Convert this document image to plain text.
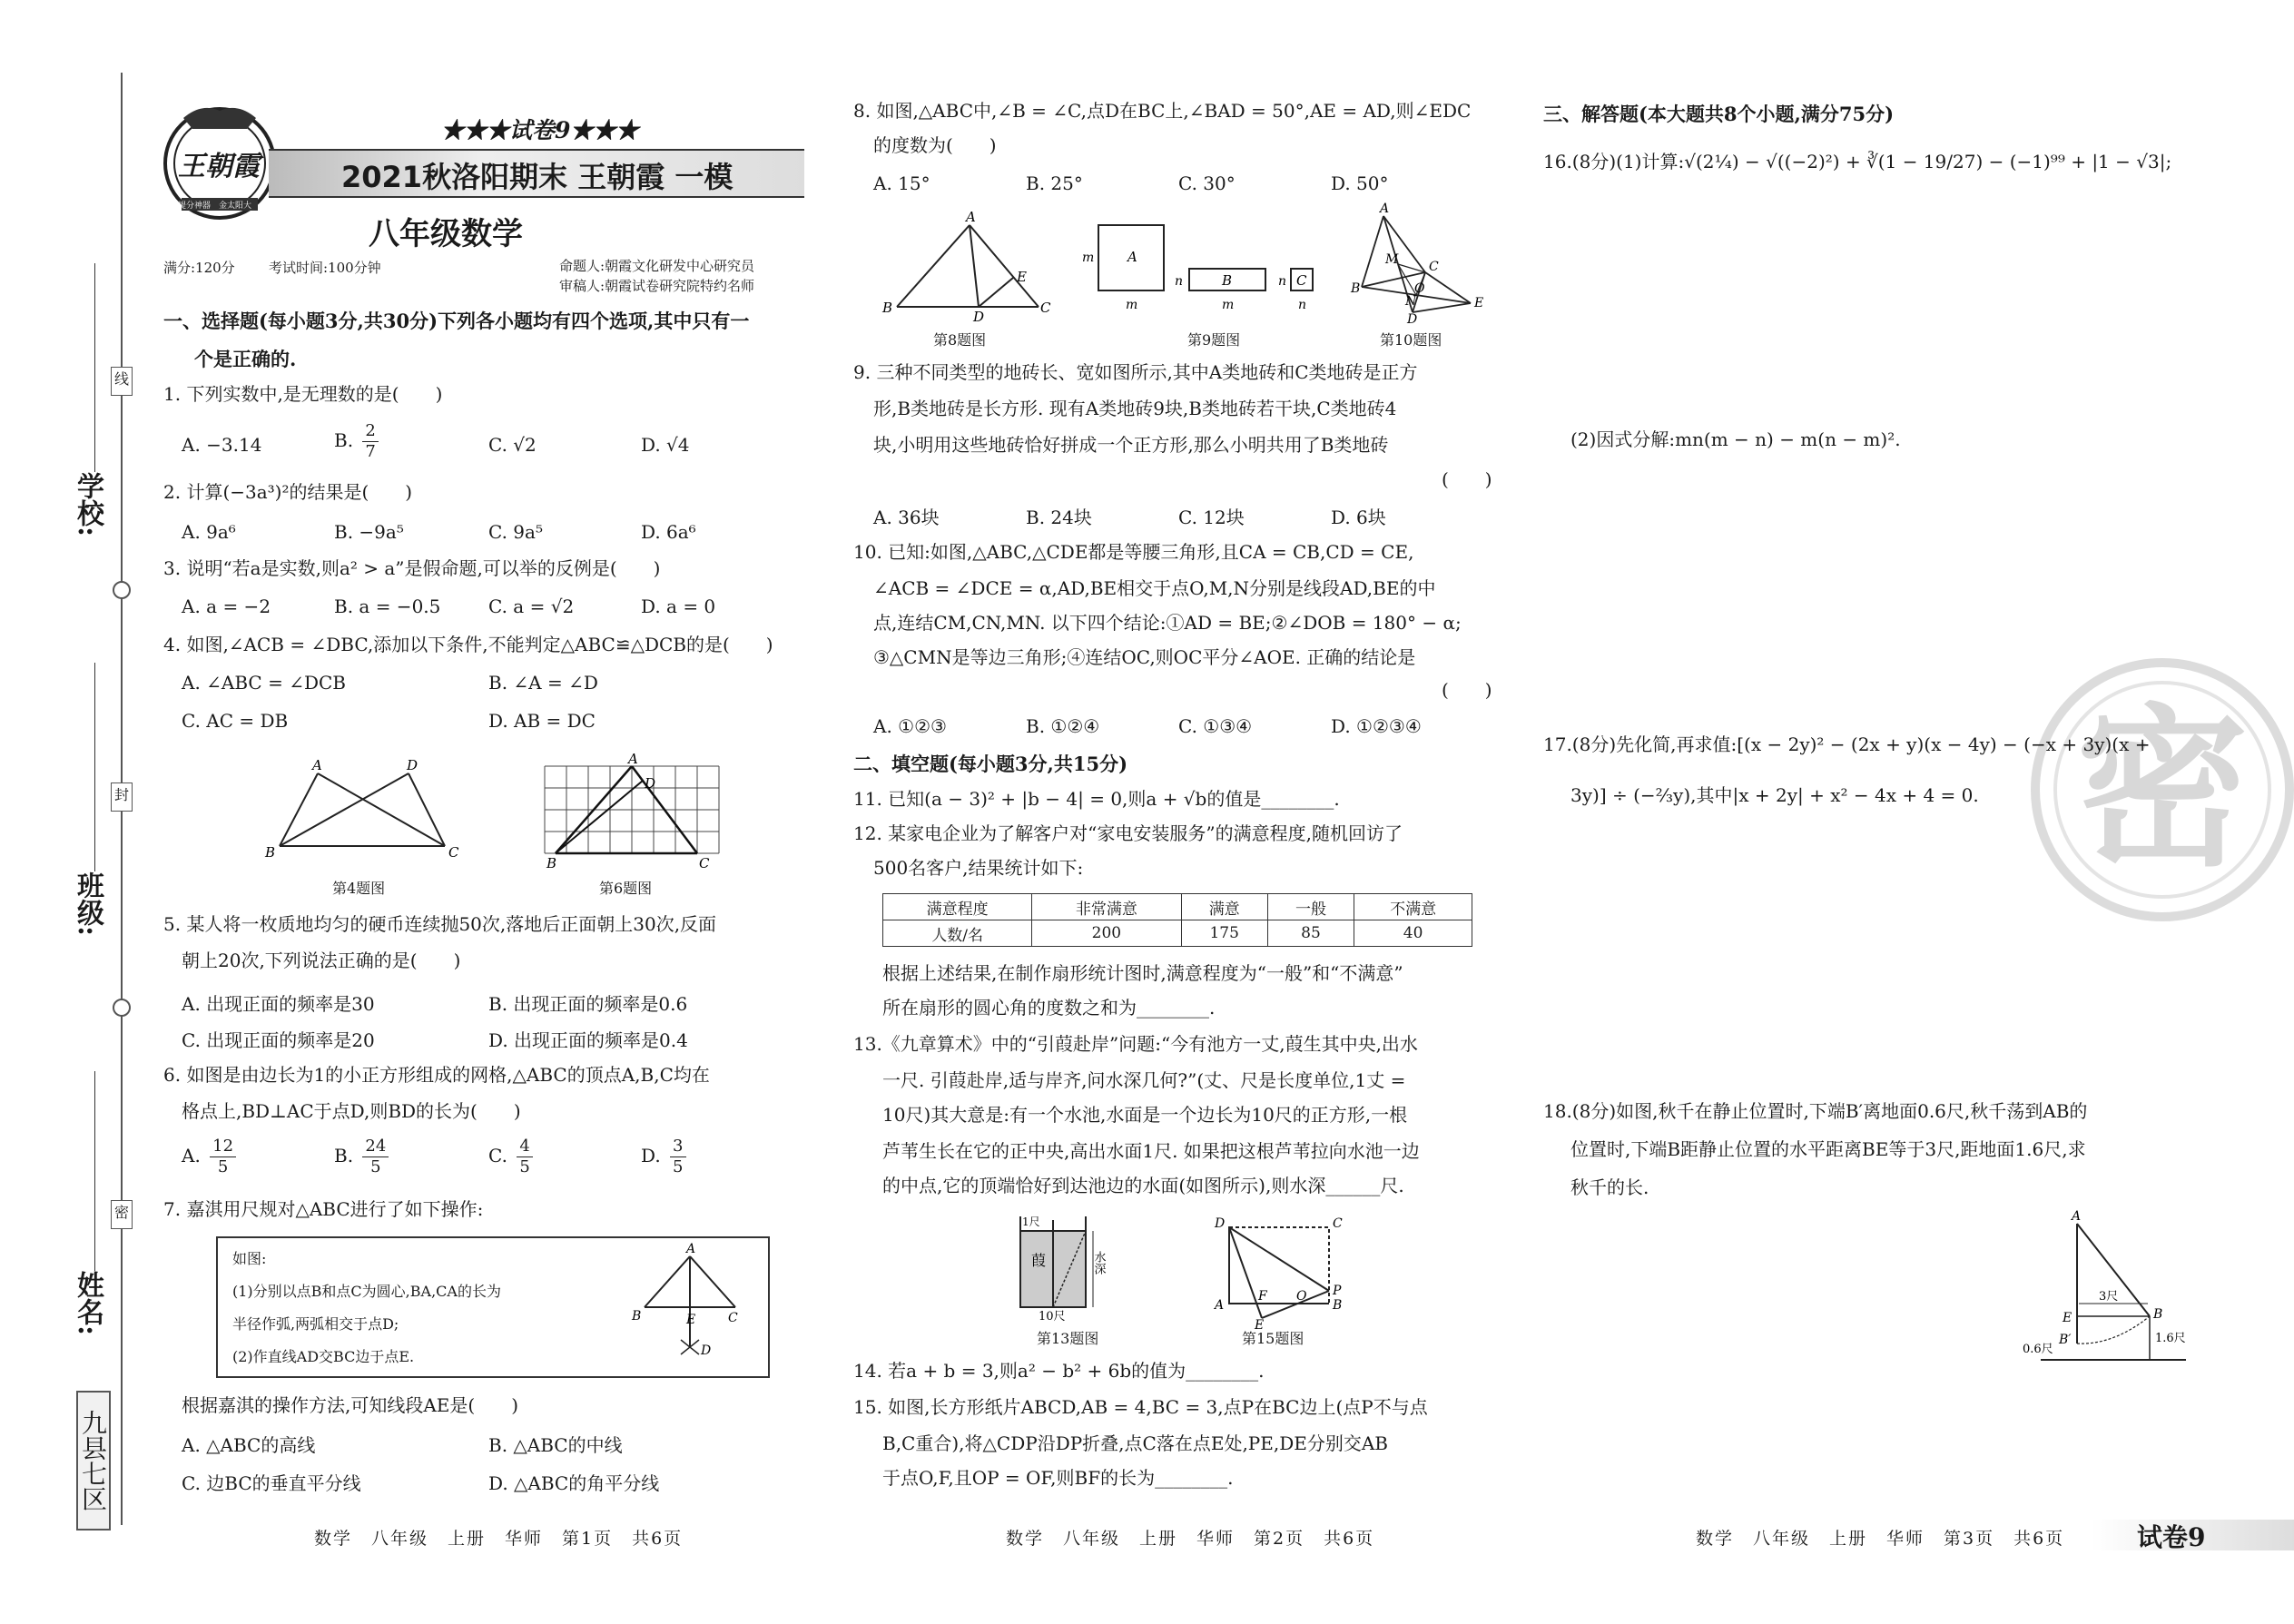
学校:
班级:
姓名:
线
封
密
九县七区
王朝霞
提分神器　 金太阳大
★★★试卷9★★★
2021秋洛阳期末 王朝霞 一模
八年级数学
满分:120分 考试时间:100分钟	命题人:朝霞文化研发中心研究员
审稿人:朝霞试卷研究院特约名师
一、选择题(每小题3分,共30分)下列各小题均有四个选项,其中只有一
个是正确的.
1. 下列实数中,是无理数的是(　　)
A. −3.14	B. $\frac{2}{7}$	C. √2	D. √4
2. 计算(−3a³)²的结果是(　　)
A. 9a⁶	B. −9a⁵	C. 9a⁵	D. 6a⁶
3. 说明“若a是实数,则a² > a”是假命题,可以举的反例是(　　)
A. a = −2	B. a = −0.5	C. a = √2	D. a = 0
4. 如图,∠ACB = ∠DBC,添加以下条件,不能判定△ABC≌△DCB的是(　　)
A. ∠ABC = ∠DCB	B. ∠A = ∠D
C. AC = DB	D. AB = DC
A	D
B	C
第4题图
A
D
B	C
第6题图
5. 某人将一枚质地均匀的硬币连续抛50次,落地后正面朝上30次,反面
朝上20次,下列说法正确的是(　　)
A. 出现正面的频率是30	B. 出现正面的频率是0.6
C. 出现正面的频率是20	D. 出现正面的频率是0.4
6. 如图是由边长为1的小正方形组成的网格,△ABC的顶点A,B,C均在
格点上,BD⊥AC于点D,则BD的长为(　　)
A. $\frac{12}{5}$	B. $\frac{24}{5}$	C. $\frac{4}{5}$	D. $\frac{3}{5}$
7. 嘉淇用尺规对△ABC进行了如下操作:
如图:
(1)分别以点B和点C为圆心,BA,CA的长为
半径作弧,两弧相交于点D;
(2)作直线AD交BC边于点E.
A
B	C
E
D
根据嘉淇的操作方法,可知线段AE是(　　)
A. △ABC的高线	B. △ABC的中线
C. 边BC的垂直平分线	D. △ABC的角平分线
数学　八年级　上册　华师　第1页　共6页
8. 如图,△ABC中,∠B = ∠C,点D在BC上,∠BAD = 50°,AE = AD,则∠EDC
的度数为(　　)
A. 15°	B. 25°	C. 30°	D. 50°
A
B	C
D
E
第8题图
A
B	C
m
m
n
m
n
n
第9题图
A
B
C
D
E
M
N
O
第10题图
9. 三种不同类型的地砖长、宽如图所示,其中A类地砖和C类地砖是正方
形,B类地砖是长方形. 现有A类地砖9块,B类地砖若干块,C类地砖4
块,小明用这些地砖恰好拼成一个正方形,那么小明共用了B类地砖
(　　)
A. 36块	B. 24块	C. 12块	D. 6块
10. 已知:如图,△ABC,△CDE都是等腰三角形,且CA = CB,CD = CE,
∠ACB = ∠DCE = α,AD,BE相交于点O,M,N分别是线段AD,BE的中
点,连结CM,CN,MN. 以下四个结论:①AD = BE;②∠DOB = 180° − α;
③△CMN是等边三角形;④连结OC,则OC平分∠AOE. 正确的结论是
(　　)
A. ①②③	B. ①②④	C. ①③④	D. ①②③④
二、填空题(每小题3分,共15分)
11. 已知(a − 3)² + |b − 4| = 0,则a + √b的值是________.
12. 某家电企业为了解客户对“家电安装服务”的满意程度,随机回访了
500名客户,结果统计如下:
满意程度	非常满意	满意	一般	不满意
人数/名	200	175	85	40
根据上述结果,在制作扇形统计图时,满意程度为“一般”和“不满意”
所在扇形的圆心角的度数之和为________.
13.《九章算术》中的“引葭赴岸”问题:“今有池方一丈,葭生其中央,出水
一尺. 引葭赴岸,适与岸齐,问水深几何?”(丈、尺是长度单位,1丈 =
10尺)其大意是:有一个水池,水面是一个边长为10尺的正方形,一根
芦苇生长在它的正中央,高出水面1尺. 如果把这根芦苇拉向水池一边
的中点,它的顶端恰好到达池边的水面(如图所示),则水深______尺.
葭
1尺
水深
10尺
第13题图
D	C
A	B
P
F O
E
第15题图
14. 若a + b = 3,则a² − b² + 6b的值为________.
15. 如图,长方形纸片ABCD,AB = 4,BC = 3,点P在BC边上(点P不与点
B,C重合),将△CDP沿DP折叠,点C落在点E处,PE,DE分别交AB
于点O,F,且OP = OF,则BF的长为________.
数学　八年级　上册　华师　第2页　共6页
密
三、解答题(本大题共8个小题,满分75分)
16.(8分)(1)计算:√(2¼) − √((−2)²) + ∛(1 − 19/27) − (−1)⁹⁹ + |1 − √3|;
(2)因式分解:mn(m − n) − m(n − m)².
17.(8分)先化简,再求值:[(x − 2y)² − (2x + y)(x − 4y) − (−x + 3y)(x +
3y)] ÷ (−⅔y),其中|x + 2y| + x² − 4x + 4 = 0.
18.(8分)如图,秋千在静止位置时,下端B′离地面0.6尺,秋千荡到AB的
位置时,下端B距静止位置的水平距离BE等于3尺,距地面1.6尺,求
秋千的长.
A
B
E
B′
3尺
1.6尺
0.6尺
数学　八年级　上册　华师　第3页　共6页	试卷9
